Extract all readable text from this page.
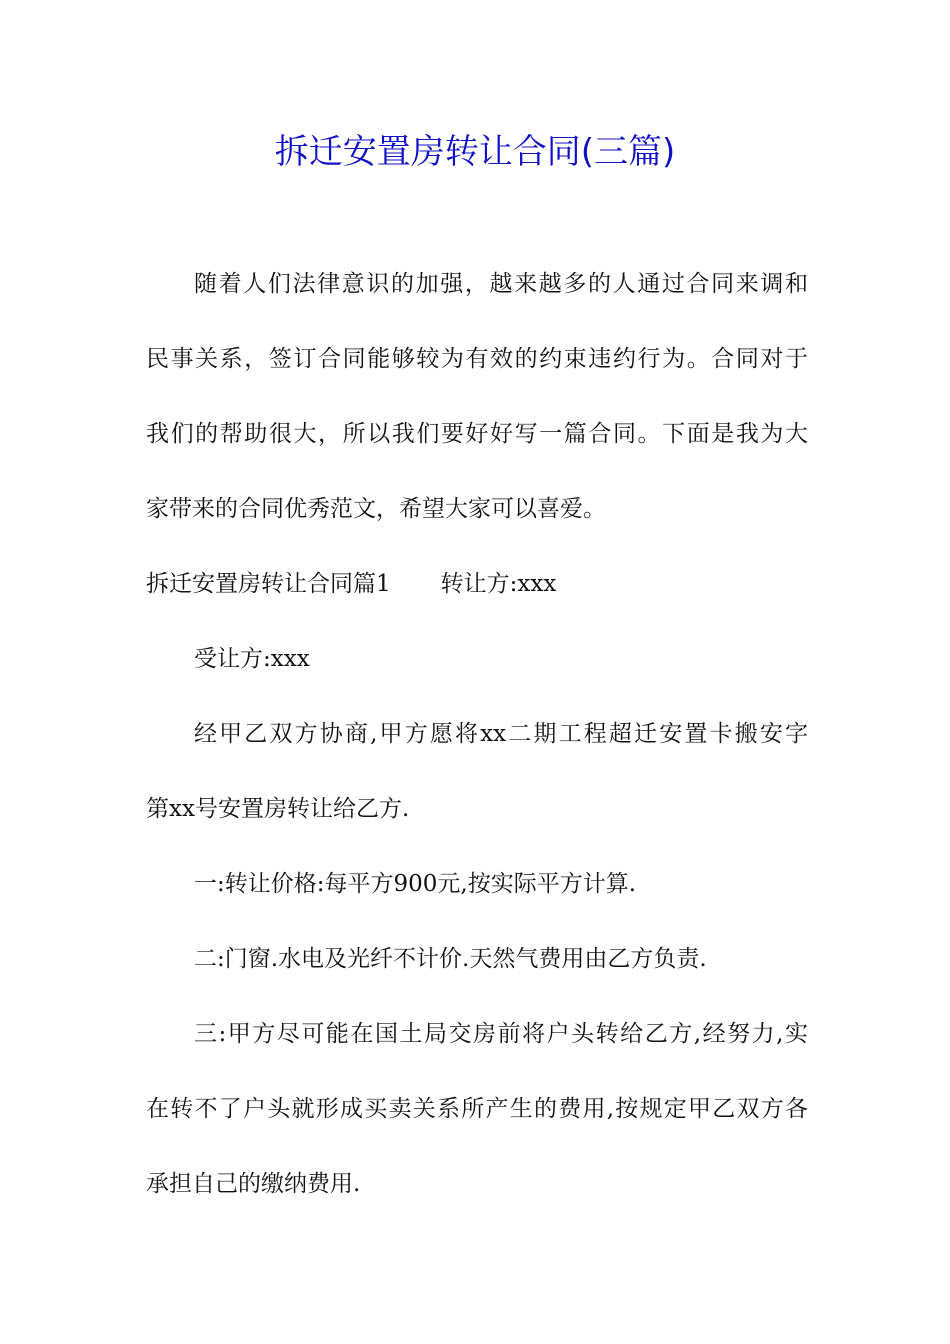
拆迁安置房转让合同(三篇)
随着人们法律意识的加强，越来越多的人通过合同来调和
民事关系，签订合同能够较为有效的约束违约行为。合同对于
我们的帮助很大，所以我们要好好写一篇合同。下面是我为大
家带来的合同优秀范文，希望大家可以喜爱。
拆迁安置房转让合同篇1 转让方:xxx
受让方:xxx
经甲乙双方协商,甲方愿将xx二期工程超迁安置卡搬安字
第xx号安置房转让给乙方.
一:转让价格:每平方900元,按实际平方计算.
二:门窗.水电及光纤不计价.天然气费用由乙方负责.
三:甲方尽可能在国土局交房前将户头转给乙方,经努力,实
在转不了户头就形成买卖关系所产生的费用,按规定甲乙双方各
承担自己的缴纳费用.
